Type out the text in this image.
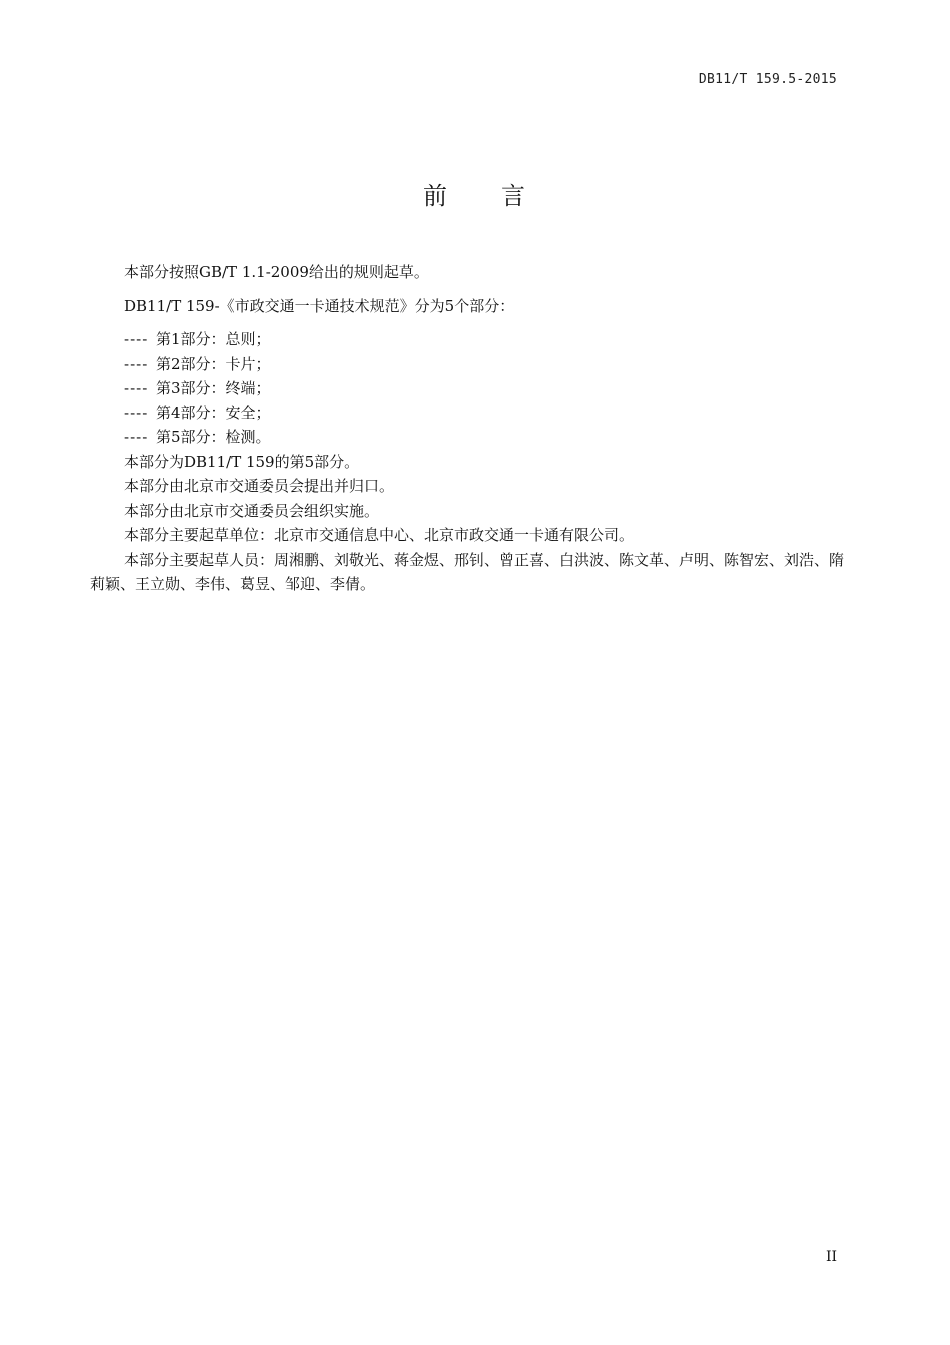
DB11/T 159.5-2015
前 言

本部分按照GB/T 1.1-2009给出的规则起草。

DB11/T 159-《市政交通一卡通技术规范》分为5个部分：

---- 第1部分：总则；

---- 第2部分：卡片；

---- 第3部分：终端；

---- 第4部分：安全；

---- 第5部分：检测。

本部分为DB11/T 159的第5部分。

本部分由北京市交通委员会提出并归口。

本部分由北京市交通委员会组织实施。

本部分主要起草单位：北京市交通信息中心、北京市政交通一卡通有限公司。

本部分主要起草人员：周湘鹏、刘敬光、蒋金煜、邢钊、曾正喜、白洪波、陈文革、卢明、陈智宏、刘浩、隋莉颖、王立勋、李伟、葛昱、邹迎、李倩。

II
